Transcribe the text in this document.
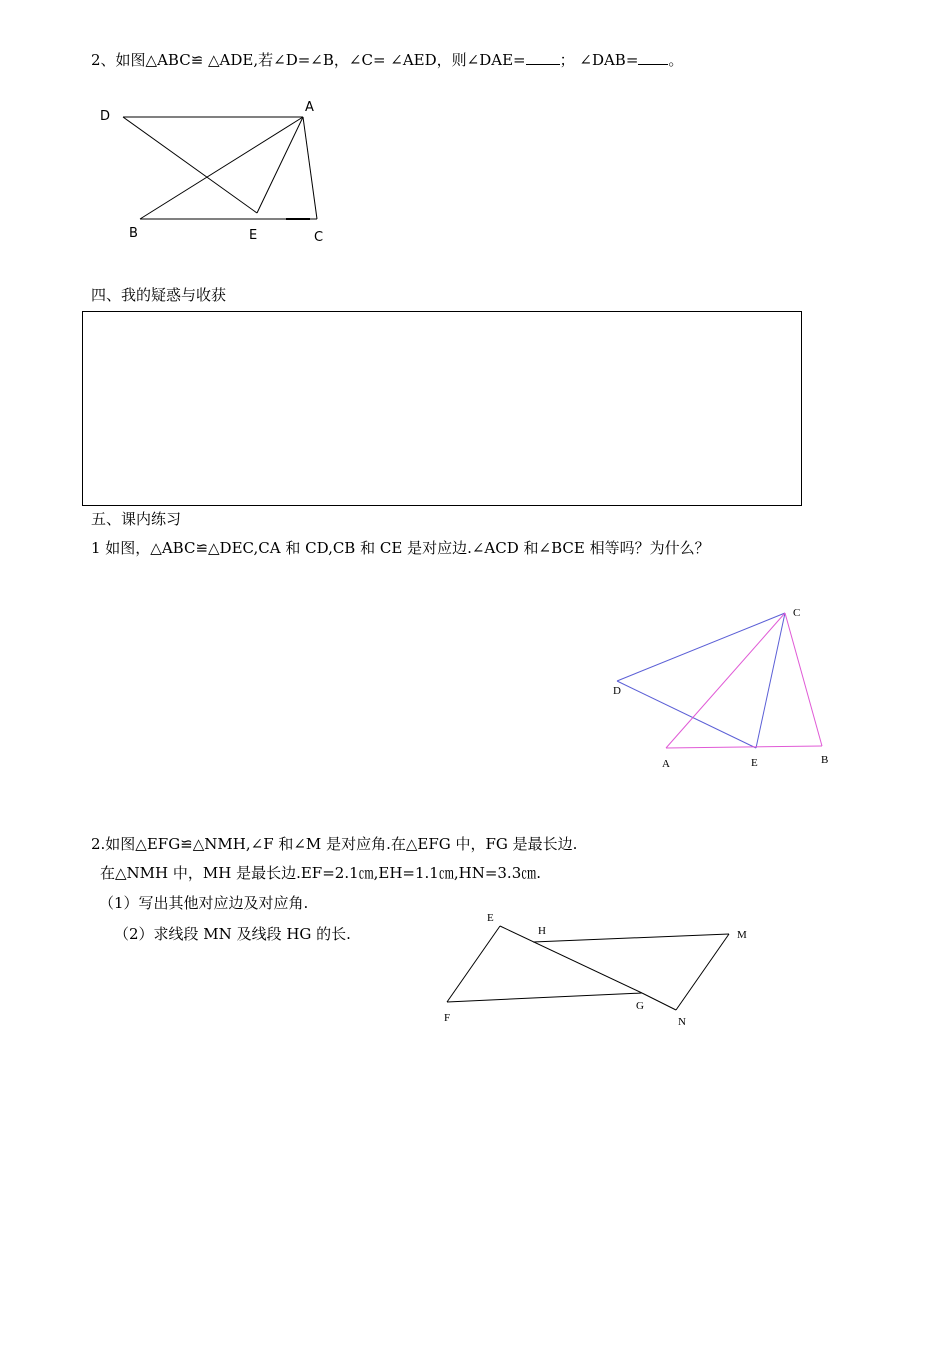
2、如图△ABC≌ △ADE,若∠D=∠B，∠C= ∠AED，则∠DAE= ； ∠DAB= 。
D
A
B	E	C
四、我的疑惑与收获
五、课内练习
1 如图，△ABC≌△DEC,CA 和 CD,CB 和 CE 是对应边.∠ACD 和∠BCE 相等吗？为什么？
C
D
A	E	B
2.如图△EFG≌△NMH,∠F 和∠M 是对应角.在△EFG 中，FG 是最长边.
在△NMH 中，MH 是最长边.EF=2.1㎝,EH=1.1㎝,HN=3.3㎝.
（1）写出其他对应边及对应角.
（2）求线段 MN 及线段 HG 的长.
E
H	M
F
G
N
